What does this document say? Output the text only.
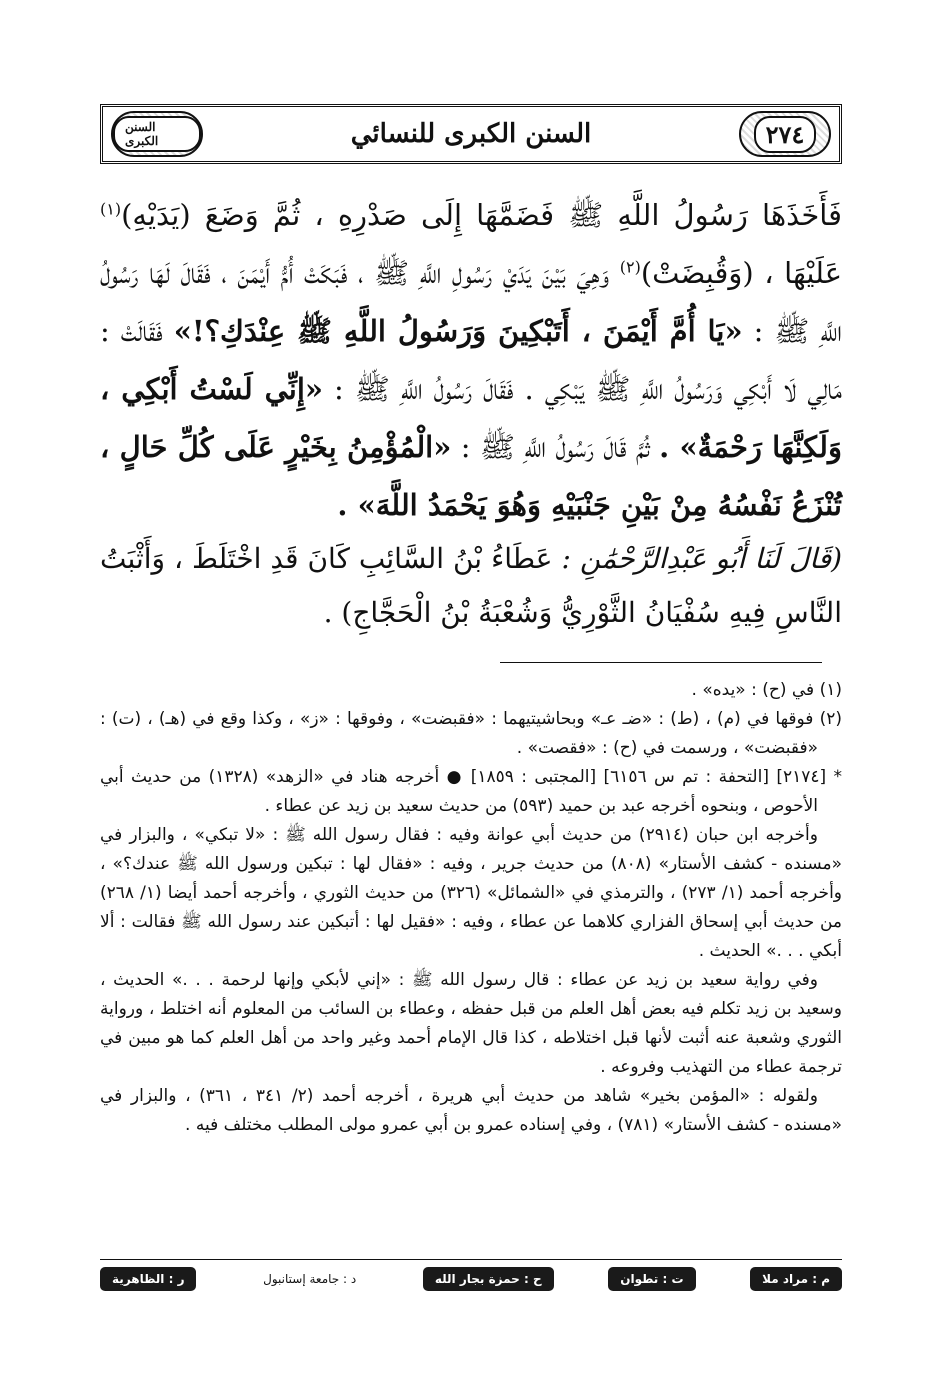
٢٧٤
السنن الكبرى للنسائي
السنن الكبرى

فَأَخَذَهَا رَسُولُ اللَّهِ ﷺ فَضَمَّهَا إِلَى صَدْرِهِ ، ثُمَّ وَضَعَ (يَدَيْهِ)$^{(١)}$ عَلَيْهَا ، (وَقُبِضَتْ)$^{(٢)}$ وَهِيَ بَيْنَ يَدَيْ رَسُولِ اللَّهِ ﷺ ، فَبَكَتْ أُمُّ أَيْمَنَ ، فَقَالَ لَهَا رَسُولُ اللَّهِ ﷺ : «يَا أُمَّ أَيْمَنَ ، أَتَبْكِينَ وَرَسُولُ اللَّهِ ﷺ عِنْدَكِ؟!» فَقَالَتْ : مَالِي لَا أَبْكِي وَرَسُولُ اللَّهِ ﷺ يَبْكِي . فَقَالَ رَسُولُ اللَّهِ ﷺ : «إِنِّي لَسْتُ أَبْكِي ، وَلَكِنَّهَا رَحْمَةٌ» . ثُمَّ قَالَ رَسُولُ اللَّهِ ﷺ : «الْمُؤْمِنُ بِخَيْرٍ عَلَى كُلِّ حَالٍ ، تُنْزَعُ نَفْسُهُ مِنْ بَيْنِ جَنْبَيْهِ وَهُوَ يَحْمَدُ اللَّهَ» .

(قَالَ لَنَا أَبُو عَبْدِالرَّحْمَٰنِ : عَطَاءُ بْنُ السَّائِبِ كَانَ قَدِ اخْتَلَطَ ، وَأَثْبَتُ النَّاسِ فِيهِ سُفْيَانُ الثَّوْرِيُّ وَشُعْبَةُ بْنُ الْحَجَّاجِ) .
(١) في (ح) : «يده» .
(٢) فوقها في (م) ، (ط) : «ضـ عـ» وبحاشيتيهما : «فقبضت» ، وفوقها : «ز» ، وكذا وقع في (هـ) ، (ت) : «فقبضت» ، ورسمت في (ح) : «فقصت» .
* [٢١٧٤] [التحفة : تم س ٦١٥٦] [المجتبى : ١٨٥٩] ● أخرجه هناد في «الزهد» (١٣٢٨) من حديث أبي الأحوص ، وبنحوه أخرجه عبد بن حميد (٥٩٣) من حديث سعيد بن زيد عن عطاء .
وأخرجه ابن حبان (٢٩١٤) من حديث أبي عوانة وفيه : فقال رسول الله ﷺ : «لا تبكي» ، والبزار في «مسنده - كشف الأستار» (٨٠٨) من حديث جرير ، وفيه : «فقال لها : تبكين ورسول الله ﷺ عندك؟» ، وأخرجه أحمد (١/ ٢٧٣) ، والترمذي في «الشمائل» (٣٢٦) من حديث الثوري ، وأخرجه أحمد أيضا (١/ ٢٦٨) من حديث أبي إسحاق الفزاري كلاهما عن عطاء ، وفيه : «فقيل لها : أتبكين عند رسول الله ﷺ فقالت : ألا أبكي . . .» الحديث .
وفي رواية سعيد بن زيد عن عطاء : قال رسول الله ﷺ : «إني لأبكي وإنها لرحمة . . .» الحديث ، وسعيد بن زيد تكلم فيه بعض أهل العلم من قبل حفظه ، وعطاء بن السائب من المعلوم أنه اختلط ، ورواية الثوري وشعبة عنه أثبت لأنها قبل اختلاطه ، كذا قال الإمام أحمد وغير واحد من أهل العلم كما هو مبين في ترجمة عطاء من التهذيب وفروعه .
ولقوله : «المؤمن بخير» شاهد من حديث أبي هريرة ، أخرجه أحمد (٢/ ٣٤١ ، ٣٦١) ، والبزار في «مسنده - كشف الأستار» (٧٨١) ، وفي إسناده عمرو بن أبي عمرو مولى المطلب مختلف فيه .
م : مراد ملا
ت : تطوان
ح : حمزة بجار الله
د : جامعة إستانبول
ر : الظاهرية
